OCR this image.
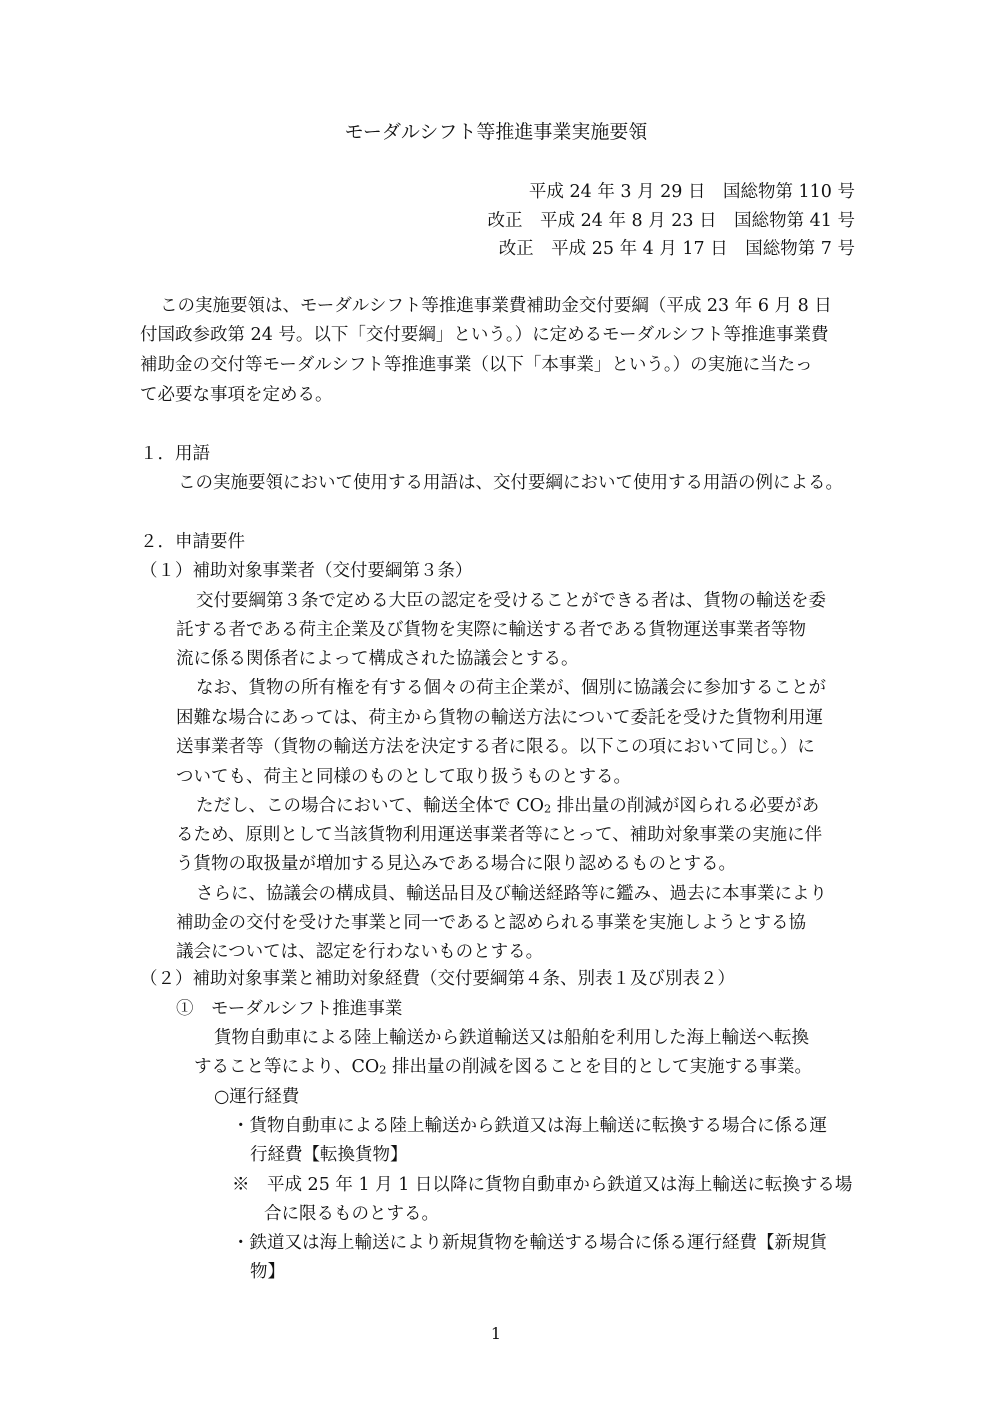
モーダルシフト等推進事業実施要領
平成 24 年 3 月 29 日　国総物第 110 号
改正　平成 24 年 8 月 23 日　国総物第 41 号
改正　平成 25 年 4 月 17 日　国総物第 7 号
この実施要領は、モーダルシフト等推進事業費補助金交付要綱（平成 23 年 6 月 8 日
付国政参政第 24 号。以下「交付要綱」という。）に定めるモーダルシフト等推進事業費
補助金の交付等モーダルシフト等推進事業（以下「本事業」という。）の実施に当たっ
て必要な事項を定める。
１．用語
この実施要領において使用する用語は、交付要綱において使用する用語の例による。
２．申請要件
（１）補助対象事業者（交付要綱第３条）
交付要綱第３条で定める大臣の認定を受けることができる者は、貨物の輸送を委
託する者である荷主企業及び貨物を実際に輸送する者である貨物運送事業者等物
流に係る関係者によって構成された協議会とする。
なお、貨物の所有権を有する個々の荷主企業が、個別に協議会に参加することが
困難な場合にあっては、荷主から貨物の輸送方法について委託を受けた貨物利用運
送事業者等（貨物の輸送方法を決定する者に限る。以下この項において同じ。）に
ついても、荷主と同様のものとして取り扱うものとする。
ただし、この場合において、輸送全体で $CO_2$ 排出量の削減が図られる必要があ
るため、原則として当該貨物利用運送事業者等にとって、補助対象事業の実施に伴
う貨物の取扱量が増加する見込みである場合に限り認めるものとする。
さらに、協議会の構成員、輸送品目及び輸送経路等に鑑み、過去に本事業により
補助金の交付を受けた事業と同一であると認められる事業を実施しようとする協
議会については、認定を行わないものとする。
（２）補助対象事業と補助対象経費（交付要綱第４条、別表１及び別表２）
①　モーダルシフト推進事業
貨物自動車による陸上輸送から鉄道輸送又は船舶を利用した海上輸送へ転換
すること等により、$CO_2$ 排出量の削減を図ることを目的として実施する事業。
○運行経費
・貨物自動車による陸上輸送から鉄道又は海上輸送に転換する場合に係る運
行経費【転換貨物】
※　平成 25 年 1 月 1 日以降に貨物自動車から鉄道又は海上輸送に転換する場
合に限るものとする。
・鉄道又は海上輸送により新規貨物を輸送する場合に係る運行経費【新規貨
物】
1
